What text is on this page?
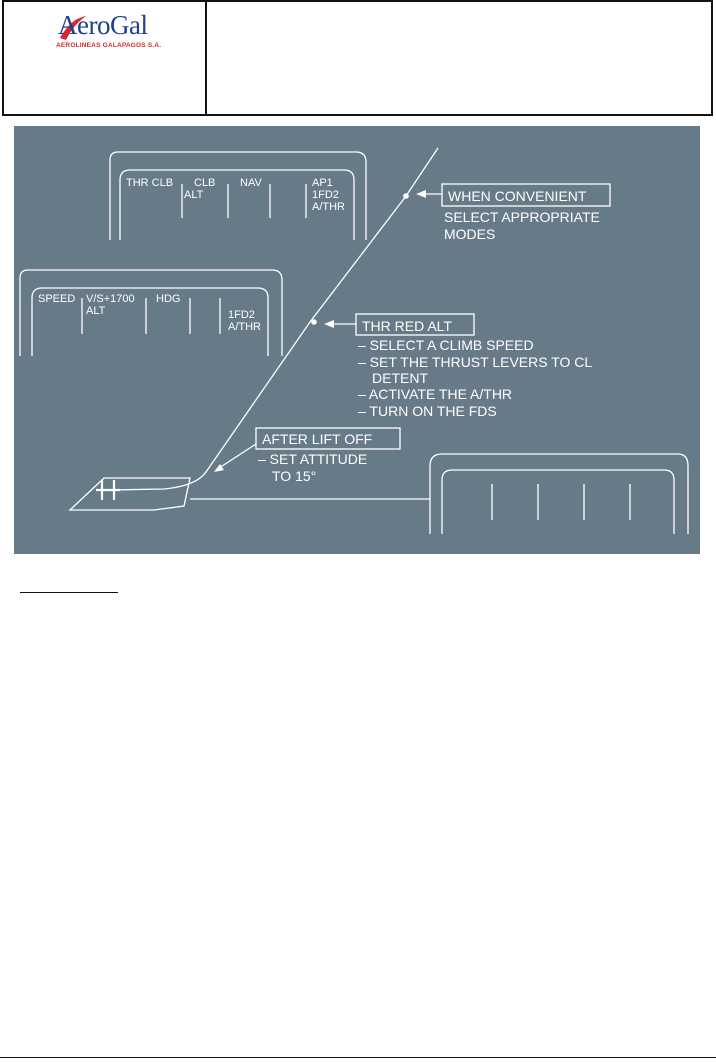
AeroGal
AEROLINEAS GALAPAGOS S.A.
THR CLB CLB
ALT
NAV	AP1
1FD2
A/THR
SPEED V/S+1700
ALT
HDG
1FD2
A/THR
WHEN CONVENIENT
SELECT APPROPRIATE
MODES
THR RED ALT
– SELECT A CLIMB SPEED
– SET THE THRUST LEVERS TO CL
DETENT
– ACTIVATE THE A/THR
– TURN ON THE FDS
AFTER LIFT OFF
– SET ATTITUDE
TO 15°
